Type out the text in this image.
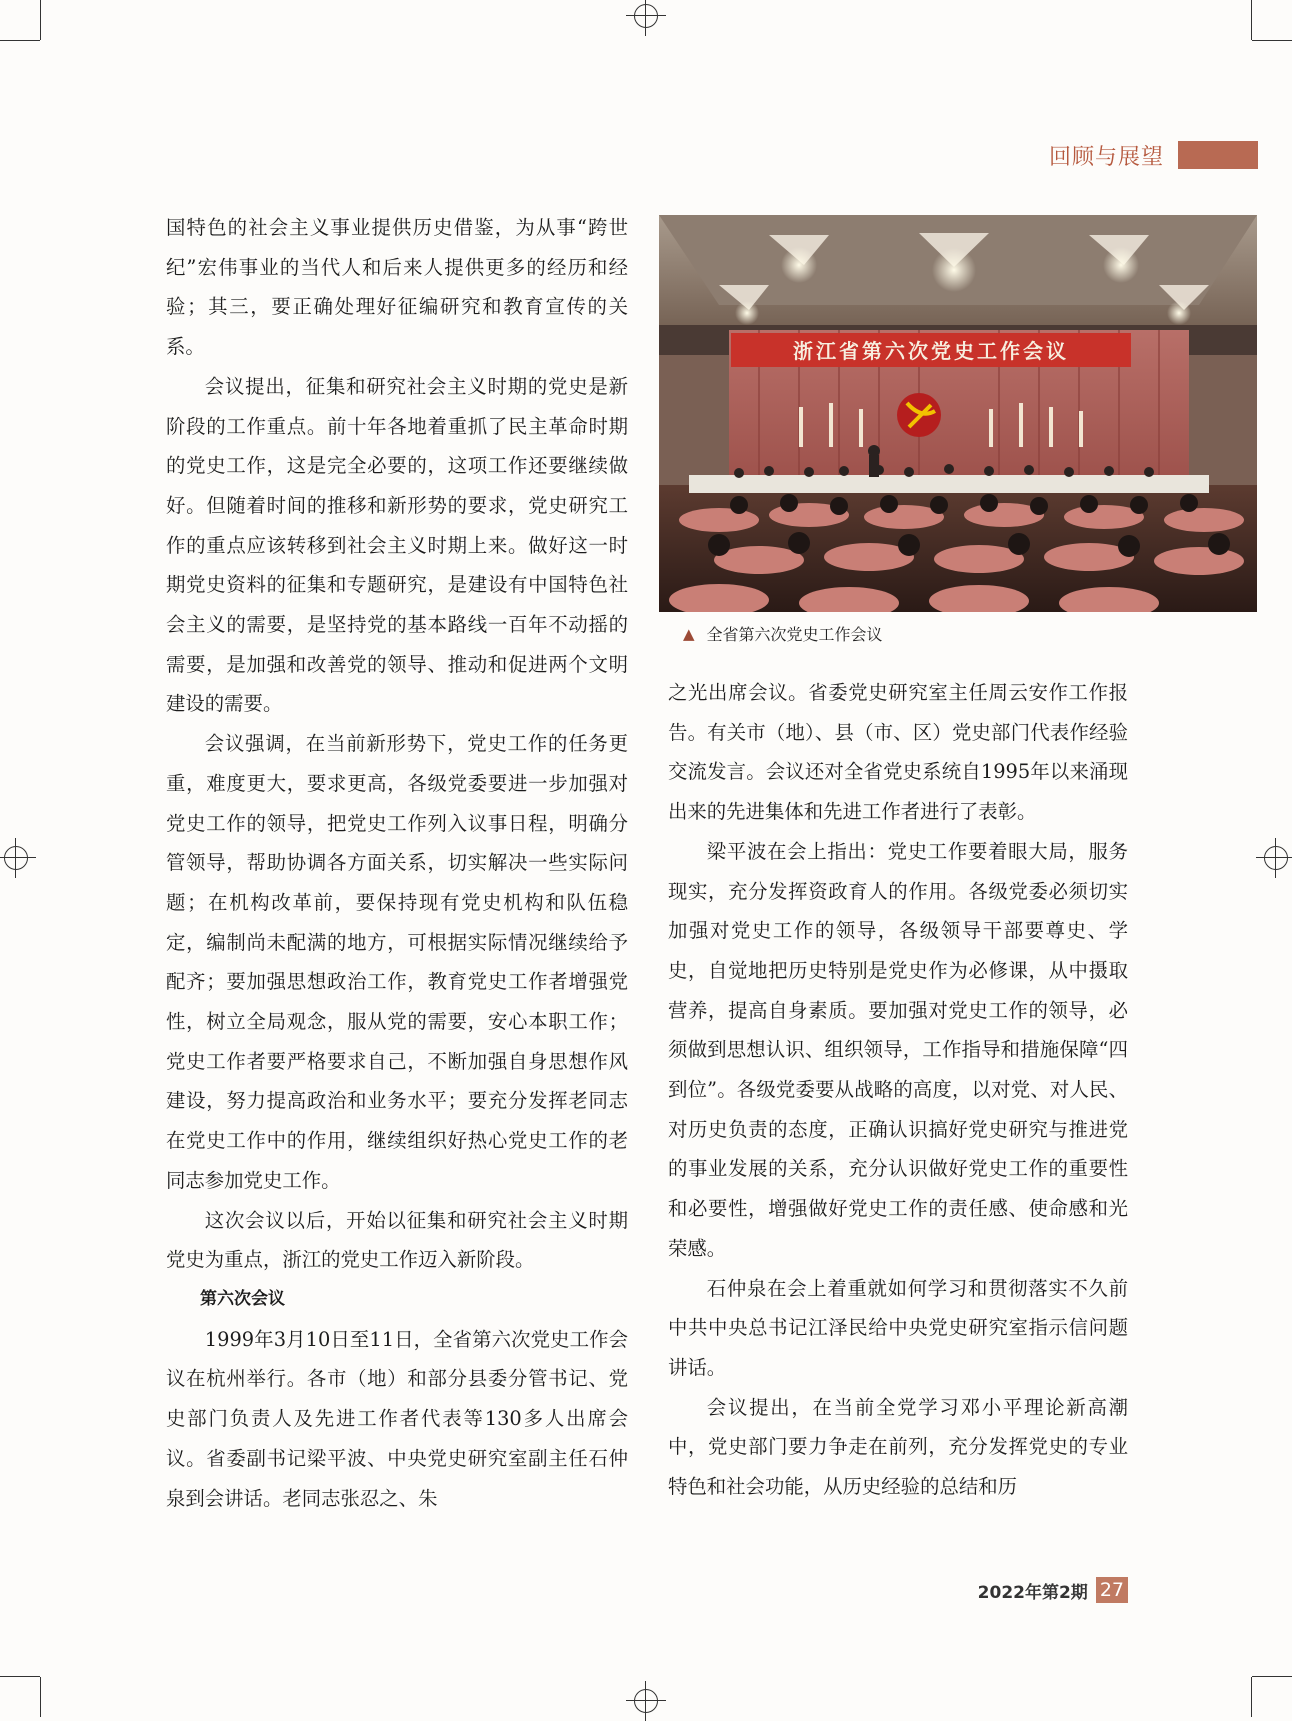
回顾与展望

国特色的社会主义事业提供历史借鉴，为从事“跨世纪”宏伟事业的当代人和后来人提供更多的经历和经验；其三，要正确处理好征编研究和教育宣传的关系。

会议提出，征集和研究社会主义时期的党史是新阶段的工作重点。前十年各地着重抓了民主革命时期的党史工作，这是完全必要的，这项工作还要继续做好。但随着时间的推移和新形势的要求，党史研究工作的重点应该转移到社会主义时期上来。做好这一时期党史资料的征集和专题研究，是建设有中国特色社会主义的需要，是坚持党的基本路线一百年不动摇的需要，是加强和改善党的领导、推动和促进两个文明建设的需要。

会议强调，在当前新形势下，党史工作的任务更重，难度更大，要求更高，各级党委要进一步加强对党史工作的领导，把党史工作列入议事日程，明确分管领导，帮助协调各方面关系，切实解决一些实际问题；在机构改革前，要保持现有党史机构和队伍稳定，编制尚未配满的地方，可根据实际情况继续给予配齐；要加强思想政治工作，教育党史工作者增强党性，树立全局观念，服从党的需要，安心本职工作；党史工作者要严格要求自己，不断加强自身思想作风建设，努力提高政治和业务水平；要充分发挥老同志在党史工作中的作用，继续组织好热心党史工作的老同志参加党史工作。

这次会议以后，开始以征集和研究社会主义时期党史为重点，浙江的党史工作迈入新阶段。

第六次会议

1999年3月10日至11日，全省第六次党史工作会议在杭州举行。各市（地）和部分县委分管书记、党史部门负责人及先进工作者代表等130多人出席会议。省委副书记梁平波、中央党史研究室副主任石仲泉到会讲话。老同志张忍之、朱

浙江省第六次党史工作会议
▲ 全省第六次党史工作会议

之光出席会议。省委党史研究室主任周云安作工作报告。有关市（地）、县（市、区）党史部门代表作经验交流发言。会议还对全省党史系统自1995年以来涌现出来的先进集体和先进工作者进行了表彰。

梁平波在会上指出：党史工作要着眼大局，服务现实，充分发挥资政育人的作用。各级党委必须切实加强对党史工作的领导，各级领导干部要尊史、学史，自觉地把历史特别是党史作为必修课，从中摄取营养，提高自身素质。要加强对党史工作的领导，必须做到思想认识、组织领导，工作指导和措施保障“四到位”。各级党委要从战略的高度，以对党、对人民、对历史负责的态度，正确认识搞好党史研究与推进党的事业发展的关系，充分认识做好党史工作的重要性和必要性，增强做好党史工作的责任感、使命感和光荣感。

石仲泉在会上着重就如何学习和贯彻落实不久前中共中央总书记江泽民给中央党史研究室指示信问题讲话。

会议提出，在当前全党学习邓小平理论新高潮中，党史部门要力争走在前列，充分发挥党史的专业特色和社会功能，从历史经验的总结和历

2022年第2期 27
